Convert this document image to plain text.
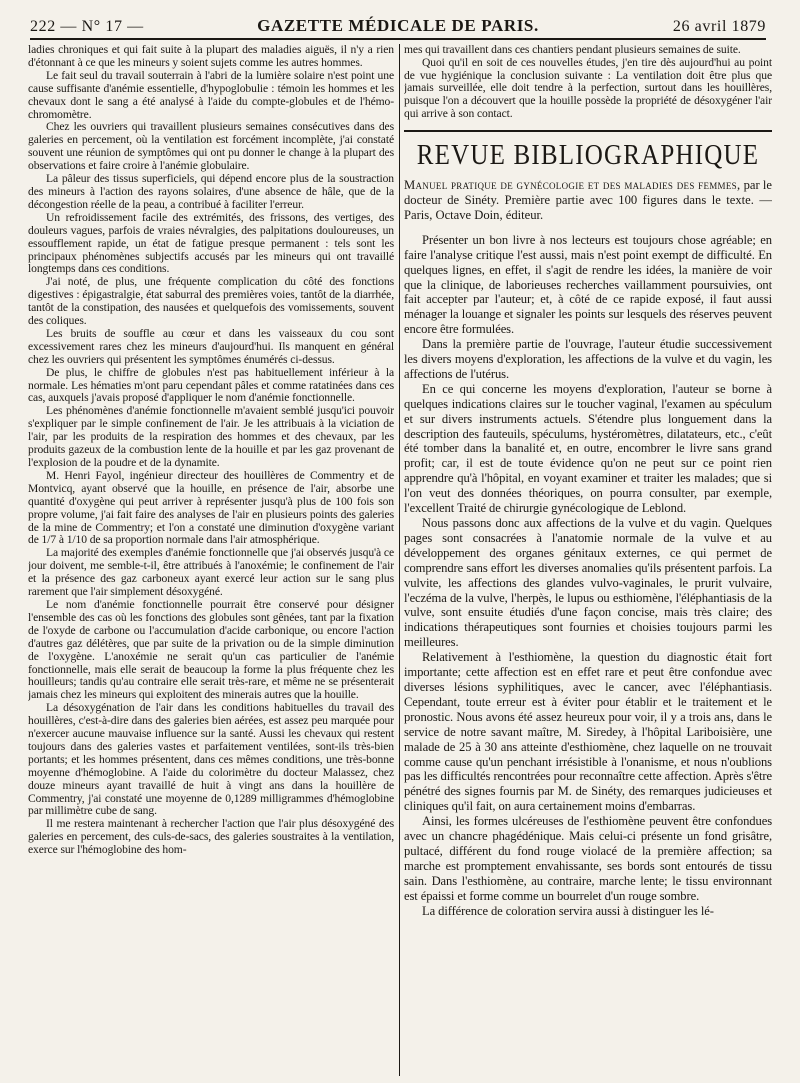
222 — N° 17 —	GAZETTE MÉDICALE DE PARIS.	26 avril 1879

ladies chroniques et qui fait suite à la plupart des maladies aiguës, il n'y a rien d'étonnant à ce que les mineurs y soient sujets comme les autres hommes.

Le fait seul du travail souterrain à l'abri de la lumière solaire n'est point une cause suffisante d'anémie essentielle, d'hypoglobulie : témoin les hommes et les chevaux dont le sang a été analysé à l'aide du compte-globules et de l'hémo-chromomètre.

Chez les ouvriers qui travaillent plusieurs semaines consécutives dans des galeries en percement, où la ventilation est forcément incomplète, j'ai constaté souvent une réunion de symptômes qui ont pu donner le change à la plupart des observations et faire croire à l'anémie globulaire.

La pâleur des tissus superficiels, qui dépend encore plus de la soustraction des mineurs à l'action des rayons solaires, d'une absence de hâle, que de la décongestion réelle de la peau, a contribué à faciliter l'erreur.

Un refroidissement facile des extrémités, des frissons, des vertiges, des douleurs vagues, parfois de vraies névralgies, des palpitations douloureuses, un essoufflement rapide, un état de fatigue presque permanent : tels sont les principaux phénomènes subjectifs accusés par les mineurs qui ont travaillé longtemps dans ces conditions.

J'ai noté, de plus, une fréquente complication du côté des fonctions digestives : épigastralgie, état saburral des premières voies, tantôt de la diarrhée, tantôt de la constipation, des nausées et quelquefois des vomissements, souvent des coliques.

Les bruits de souffle au cœur et dans les vaisseaux du cou sont excessivement rares chez les mineurs d'aujourd'hui. Ils manquent en général chez les ouvriers qui présentent les symptômes énumérés ci-dessus.

De plus, le chiffre de globules n'est pas habituellement inférieur à la normale. Les hématies m'ont paru cependant pâles et comme ratatinées dans ces cas, auxquels j'avais proposé d'appliquer le nom d'anémie fonctionnelle.

Les phénomènes d'anémie fonctionnelle m'avaient semblé jusqu'ici pouvoir s'expliquer par le simple confinement de l'air. Je les attribuais à la viciation de l'air, par les produits de la respiration des hommes et des chevaux, par les produits gazeux de la combustion lente de la houille et par les gaz provenant de l'explosion de la poudre et de la dynamite.

M. Henri Fayol, ingénieur directeur des houillères de Commentry et de Montvicq, ayant observé que la houille, en présence de l'air, absorbe une quantité d'oxygène qui peut arriver à représenter jusqu'à plus de 100 fois son propre volume, j'ai fait faire des analyses de l'air en plusieurs points des galeries de la mine de Commentry; et l'on a constaté une diminution d'oxygène variant de 1/7 à 1/10 de sa proportion normale dans l'air atmosphérique.

La majorité des exemples d'anémie fonctionnelle que j'ai observés jusqu'à ce jour doivent, me semble-t-il, être attribués à l'anoxémie; le confinement de l'air et la présence des gaz carboneux ayant exercé leur action sur le sang plus rarement que l'air simplement désoxygéné.

Le nom d'anémie fonctionnelle pourrait être conservé pour désigner l'ensemble des cas où les fonctions des globules sont gênées, tant par la fixation de l'oxyde de carbone ou l'accumulation d'acide carbonique, ou encore l'action d'autres gaz délétères, que par suite de la privation ou de la simple diminution de l'oxygène. L'anoxémie ne serait qu'un cas particulier de l'anémie fonctionnelle, mais elle serait de beaucoup la forme la plus fréquente chez les houilleurs; tandis qu'au contraire elle serait très-rare, et même ne se présenterait jamais chez les mineurs qui exploitent des minerais autres que la houille.

La désoxygénation de l'air dans les conditions habituelles du travail des houillères, c'est-à-dire dans des galeries bien aérées, est assez peu marquée pour n'exercer aucune mauvaise influence sur la santé. Aussi les chevaux qui restent toujours dans des galeries vastes et parfaitement ventilées, sont-ils très-bien portants; et les hommes présentent, dans ces mêmes conditions, une très-bonne moyenne d'hémoglobine. A l'aide du colorimètre du docteur Malassez, chez douze mineurs ayant travaillé de huit à vingt ans dans la houillère de Commentry, j'ai constaté une moyenne de 0,1289 milligrammes d'hémoglobine par millimètre cube de sang.

Il me restera maintenant à rechercher l'action que l'air plus désoxygéné des galeries en percement, des culs-de-sacs, des galeries soustraites à la ventilation, exerce sur l'hémoglobine des hom-

mes qui travaillent dans ces chantiers pendant plusieurs semaines de suite.

Quoi qu'il en soit de ces nouvelles études, j'en tire dès aujourd'hui au point de vue hygiénique la conclusion suivante : La ventilation doit être plus que jamais surveillée, elle doit tendre à la perfection, surtout dans les houillères, puisque l'on a découvert que la houille possède la propriété de désoxygéner l'air qui arrive à son contact.

REVUE BIBLIOGRAPHIQUE

Manuel pratique de gynécologie et des maladies des femmes, par le docteur de Sinéty. Première partie avec 100 figures dans le texte. — Paris, Octave Doin, éditeur.

Présenter un bon livre à nos lecteurs est toujours chose agréable; en faire l'analyse critique l'est aussi, mais n'est point exempt de difficulté. En quelques lignes, en effet, il s'agit de rendre les idées, la manière de voir que la clinique, de laborieuses recherches vaillamment poursuivies, ont fait accepter par l'auteur; et, à côté de ce rapide exposé, il faut aussi ménager la louange et signaler les points sur lesquels des réserves peuvent encore être formulées.

Dans la première partie de l'ouvrage, l'auteur étudie successivement les divers moyens d'exploration, les affections de la vulve et du vagin, les affections de l'utérus.

En ce qui concerne les moyens d'exploration, l'auteur se borne à quelques indications claires sur le toucher vaginal, l'examen au spéculum et sur divers instruments actuels. S'étendre plus longuement dans la description des fauteuils, spéculums, hystéromètres, dilatateurs, etc., c'eût été tomber dans la banalité et, en outre, encombrer le livre sans grand profit; car, il est de toute évidence qu'on ne peut sur ce point rien apprendre qu'à l'hôpital, en voyant examiner et traiter les malades; que si l'on veut des données théoriques, on pourra consulter, par exemple, l'excellent Traité de chirurgie gynécologique de Leblond.

Nous passons donc aux affections de la vulve et du vagin. Quelques pages sont consacrées à l'anatomie normale de la vulve et au développement des organes génitaux externes, ce qui permet de comprendre sans effort les diverses anomalies qu'ils présentent parfois. La vulvite, les affections des glandes vulvo-vaginales, le prurit vulvaire, l'eczéma de la vulve, l'herpès, le lupus ou esthiomène, l'éléphantiasis de la vulve, sont ensuite étudiés d'une façon concise, mais très claire; des indications thérapeutiques sont fournies et choisies toujours parmi les meilleures.

Relativement à l'esthiomène, la question du diagnostic était fort importante; cette affection est en effet rare et peut être confondue avec diverses lésions syphilitiques, avec le cancer, avec l'éléphantiasis. Cependant, toute erreur est à éviter pour établir et le traitement et le pronostic. Nous avons été assez heureux pour voir, il y a trois ans, dans le service de notre savant maître, M. Siredey, à l'hôpital Lariboisière, une malade de 25 à 30 ans atteinte d'esthiomène, chez laquelle on ne trouvait comme cause qu'un penchant irrésistible à l'onanisme, et nous n'oublions pas les difficultés rencontrées pour reconnaître cette affection. Après s'être pénétré des signes fournis par M. de Sinéty, des remarques judicieuses et cliniques qu'il fait, on aura certainement moins d'embarras.

Ainsi, les formes ulcéreuses de l'esthiomène peuvent être confondues avec un chancre phagédénique. Mais celui-ci présente un fond grisâtre, pultacé, différent du fond rouge violacé de la première affection; sa marche est promptement envahissante, ses bords sont entourés de tissu sain. Dans l'esthiomène, au contraire, marche lente; le tissu environnant est épaissi et forme comme un bourrelet d'un rouge sombre.

La différence de coloration servira aussi à distinguer les lé-
